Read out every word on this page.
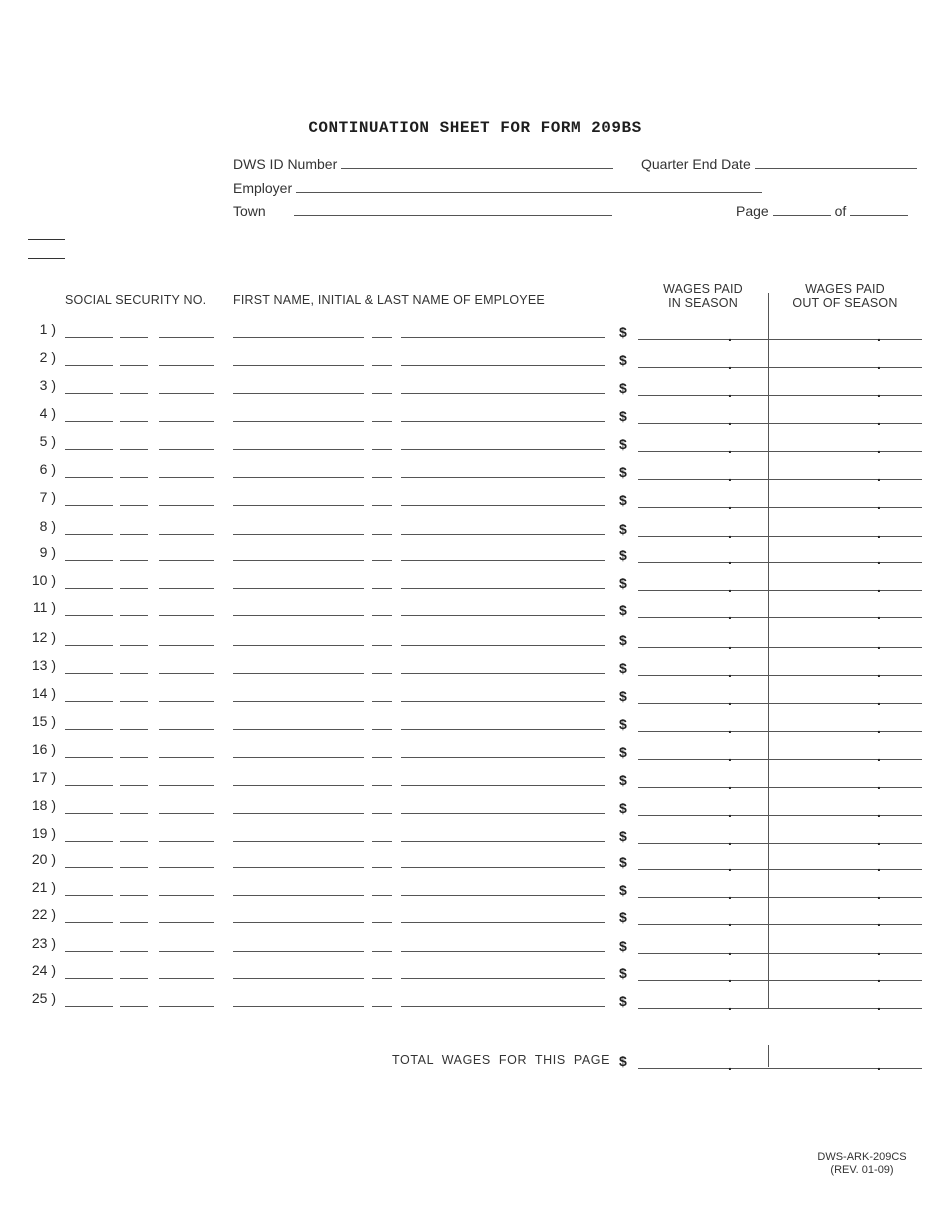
CONTINUATION SHEET FOR FORM 209BS
DWS ID Number	Quarter End Date
Employer
Town	Page	of
SOCIAL SECURITY NO. FIRST NAME, INITIAL & LAST NAME OF EMPLOYEE
WAGES PAID
IN SEASON
WAGES PAID
OUT OF SEASON
1 )	$	.	.
2 )	$	.	.
3 )	$	.	.
4 )	$	.	.
5 )	$	.	.
6 )	$	.	.
7 )	$	.	.
8 )	$	.	.
9 )	$	.	.
10 )	$	.	.
11 )	$	.	.
12 )	$	.	.
13 )	$	.	.
14 )	$	.	.
15 )	$	.	.
16 )	$	.	.
17 )	$	.	.
18 )	$	.	.
19 )	$	.	.
20 )	$	.	.
21 )	$	.	.
22 )	$	.	.
23 )	$	.	.
24 )	$	.	.
25 )	$	.	.
TOTAL WAGES FOR THIS PAGE $	.	.
DWS-ARK-209CS
(REV. 01-09)
